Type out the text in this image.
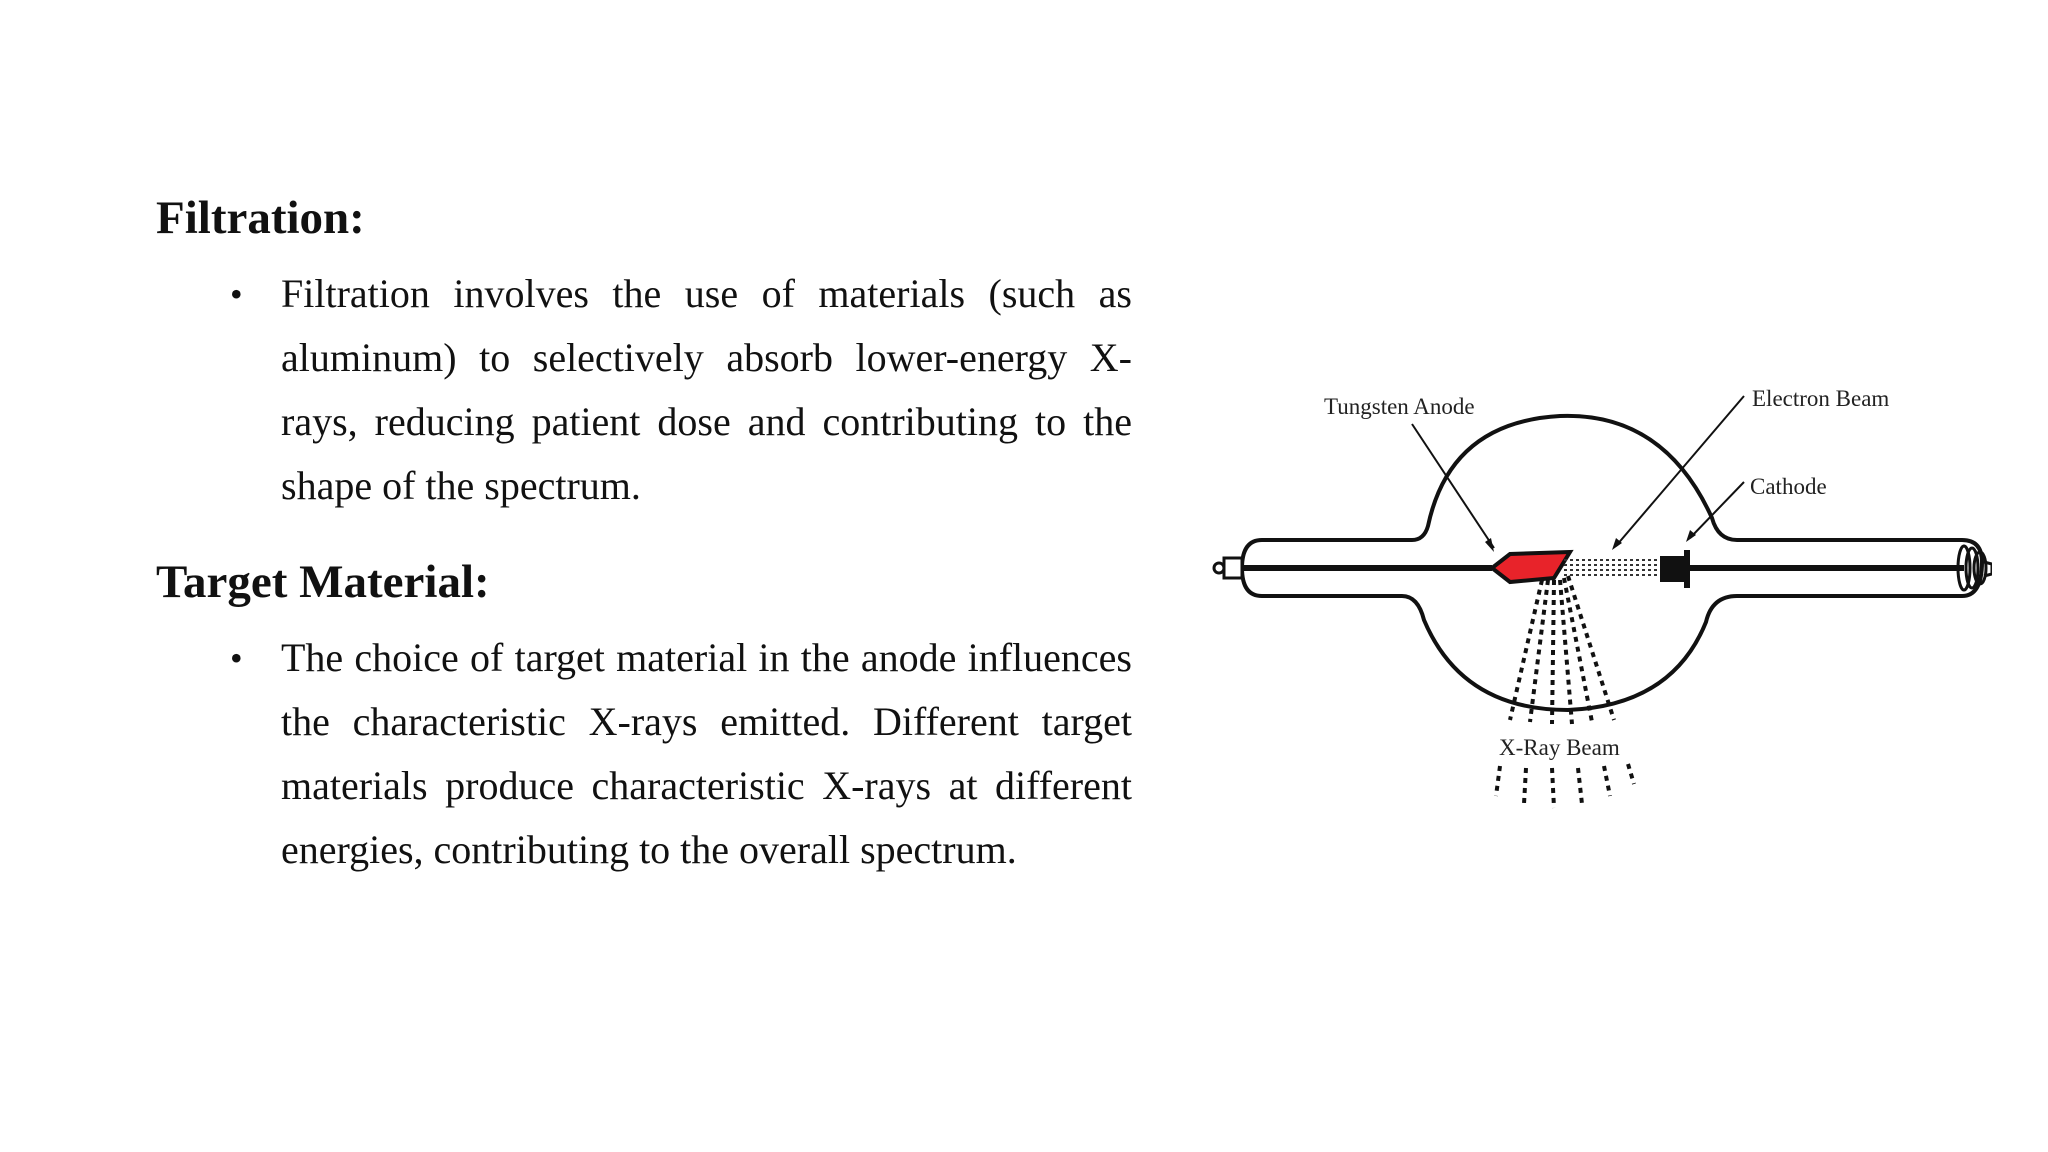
Filtration:
• Filtration involves the use of materials (such as aluminum) to selectively absorb lower-energy X-rays, reducing patient dose and contributing to the shape of the spectrum.
Target Material:
• The choice of target material in the anode influences the characteristic X-rays emitted. Different target materials produce characteristic X-rays at different energies, contributing to the overall spectrum.
Tungsten Anode	Electron Beam
Cathode
X-Ray Beam
